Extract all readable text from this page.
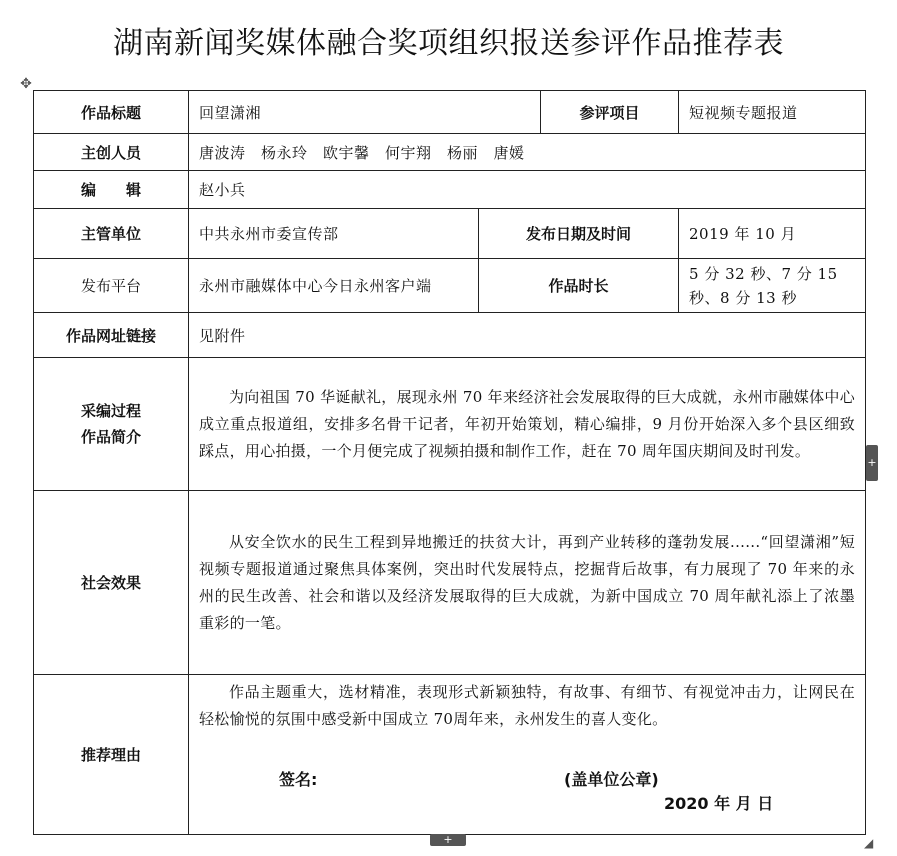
湖南新闻奖媒体融合奖项组织报送参评作品推荐表
✥
作品标题	回望潇湘		参评项目	短视频专题报道
主创人员	唐波涛　杨永玲　欧宇馨　何宇翔　杨丽　唐媛			
编　　辑	赵小兵			
主管单位	中共永州市委宣传部	发布日期及时间		2019 年 10 月
发布平台	永州市融媒体中心今日永州客户端	作品时长		5 分 32 秒、7 分 15 秒、8 分 13 秒
作品网址链接	见附件			

采编过程
作品简介	为向祖国 70 华诞献礼，展现永州 70 年来经济社会发展取得的巨大成就，永州市融媒体中心成立重点报道组，安排多名骨干记者，年初开始策划，精心编排，9 月份开始深入多个县区细致踩点，用心拍摄，一个月便完成了视频拍摄和制作工作，赶在 70 周年国庆期间及时刊发。			

社会效果	从安全饮水的民生工程到异地搬迁的扶贫大计，再到产业转移的蓬勃发展......“回望潇湘”短视频专题报道通过聚焦具体案例，突出时代发展特点，挖掘背后故事，有力展现了 70 年来的永州的民生改善、社会和谐以及经济发展取得的巨大成就，为新中国成立 70 周年献礼添上了浓墨重彩的一笔。			

推荐理由	作品主题重大，选材精准，表现形式新颖独特，有故事、有细节、有视觉冲击力，让网民在轻松愉悦的氛围中感受新中国成立 70周年来，永州发生的喜人变化。
签名: (盖单位公章)
2020 年 月 日			
+
+	◢
